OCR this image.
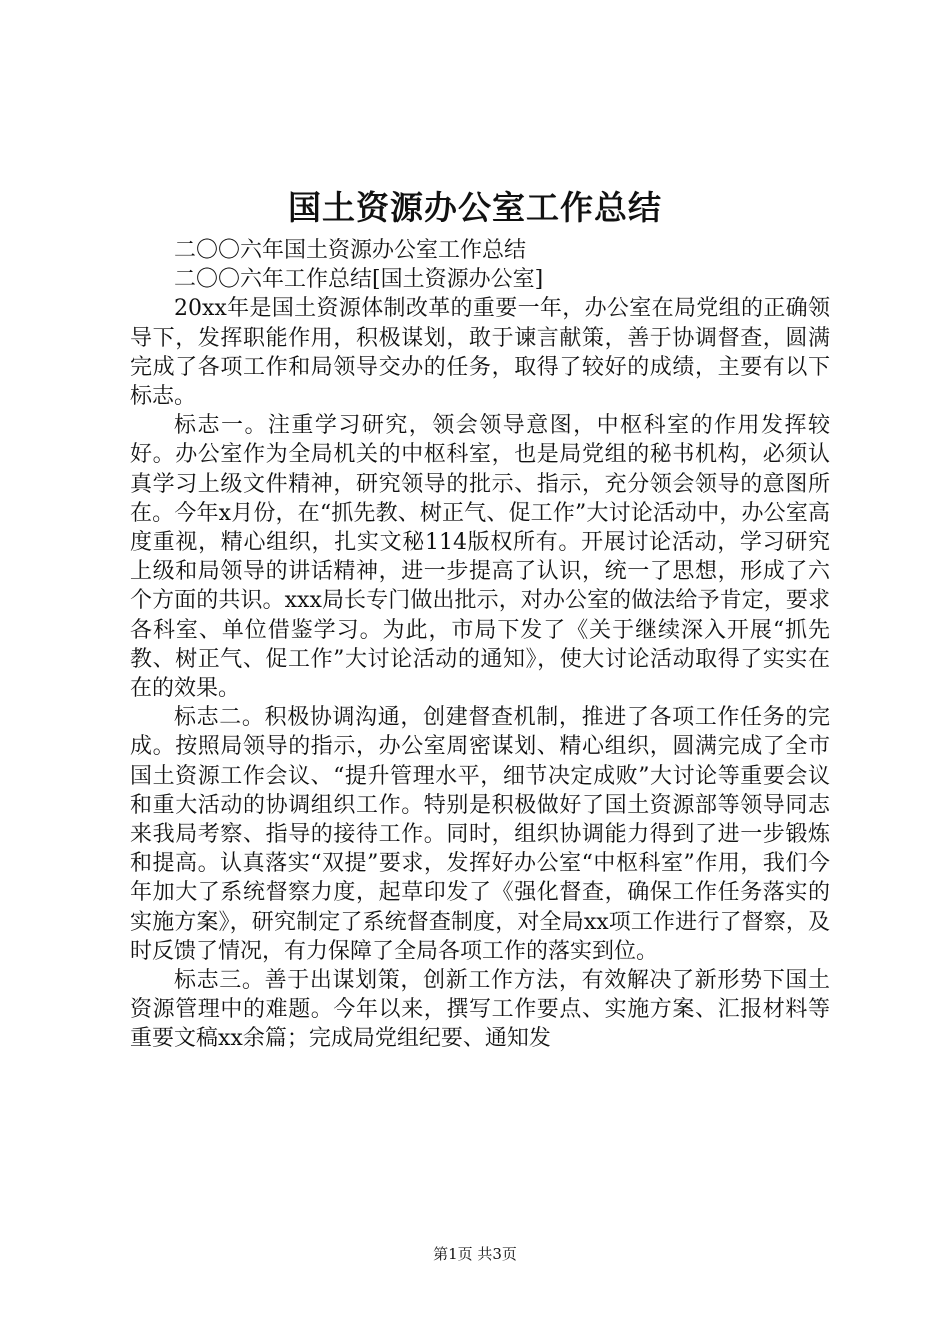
国土资源办公室工作总结

二〇〇六年国土资源办公室工作总结

二〇〇六年工作总结[国土资源办公室]

20xx年是国土资源体制改革的重要一年，办公室在局党组的正确领导下，发挥职能作用，积极谋划，敢于谏言献策，善于协调督查，圆满完成了各项工作和局领导交办的任务，取得了较好的成绩，主要有以下标志。

标志一。注重学习研究，领会领导意图，中枢科室的作用发挥较好。办公室作为全局机关的中枢科室，也是局党组的秘书机构，必须认真学习上级文件精神，研究领导的批示、指示，充分领会领导的意图所在。今年x月份，在“抓先教、树正气、促工作”大讨论活动中，办公室高度重视，精心组织，扎实文秘114版权所有。开展讨论活动，学习研究上级和局领导的讲话精神，进一步提高了认识，统一了思想，形成了六个方面的共识。xxx局长专门做出批示，对办公室的做法给予肯定，要求各科室、单位借鉴学习。为此，市局下发了《关于继续深入开展“抓先教、树正气、促工作”大讨论活动的通知》，使大讨论活动取得了实实在在的效果。

标志二。积极协调沟通，创建督查机制，推进了各项工作任务的完成。按照局领导的指示，办公室周密谋划、精心组织，圆满完成了全市国土资源工作会议、“提升管理水平，细节决定成败”大讨论等重要会议和重大活动的协调组织工作。特别是积极做好了国土资源部等领导同志来我局考察、指导的接待工作。同时，组织协调能力得到了进一步锻炼和提高。认真落实“双提”要求，发挥好办公室“中枢科室”作用，我们今年加大了系统督察力度，起草印发了《强化督查，确保工作任务落实的实施方案》，研究制定了系统督查制度，对全局xx项工作进行了督察，及时反馈了情况，有力保障了全局各项工作的落实到位。

标志三。善于出谋划策，创新工作方法，有效解决了新形势下国土资源管理中的难题。今年以来，撰写工作要点、实施方案、汇报材料等重要文稿xx余篇；完成局党组纪要、通知发

第1页 共3页
